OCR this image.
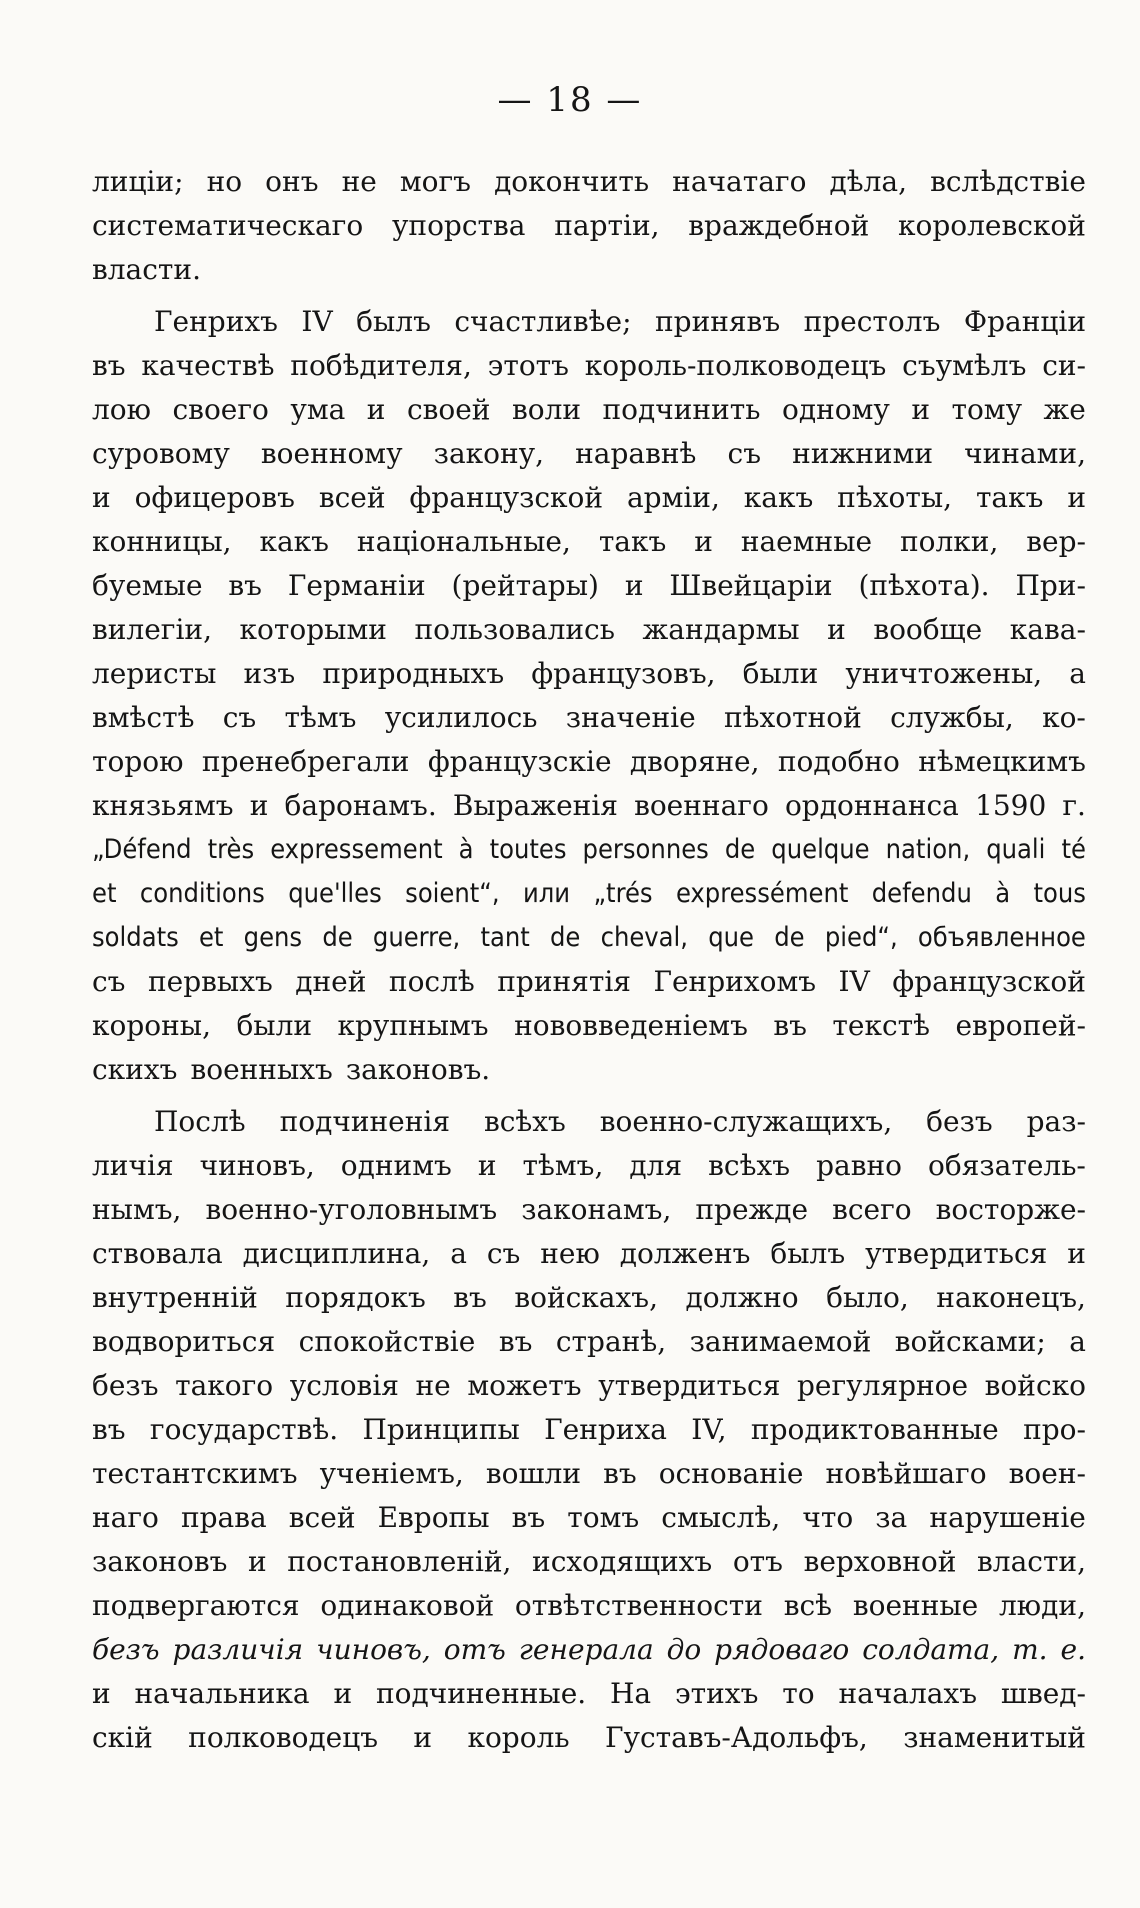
— 18 —
лицiи; но онъ не могъ докончить начатаго дѣла, вслѣдствiе
систематическаго упорства партiи, враждебной королевской
власти.
Генрихъ IV былъ счастливѣе; принявъ престолъ Францiи
въ качествѣ побѣдителя, этотъ король-полководецъ съумѣлъ си-
лою своего ума и своей воли подчинить одному и тому же
суровому военному закону, наравнѣ съ нижними чинами,
и офицеровъ всей французской армiи, какъ пѣхоты, такъ и
конницы, какъ нацiональные, такъ и наемные полки, вер-
буемые въ Германiи (рейтары) и Швейцарiи (пѣхота). При-
вилегiи, которыми пользовались жандармы и вообще кава-
леристы изъ природныхъ французовъ, были уничтожены, а
вмѣстѣ съ тѣмъ усилилось значенiе пѣхотной службы, ко-
торою пренебрегали французскiе дворяне, подобно нѣмецкимъ
князьямъ и баронамъ. Выраженiя военнаго ордоннанса 1590 г.
„Défend très expressement à toutes personnes de quelque nation, quali té
et conditions que'lles soient“, или „trés expressément defendu à tous
soldats et gens de guerre, tant de cheval, que de pied“, объявленное
съ первыхъ дней послѣ принятiя Генрихомъ IV французской
короны, были крупнымъ нововведенiемъ въ текстѣ европей-
скихъ военныхъ законовъ.
Послѣ подчиненiя всѣхъ военно-служащихъ, безъ раз-
личiя чиновъ, однимъ и тѣмъ, для всѣхъ равно обязатель-
нымъ, военно-уголовнымъ законамъ, прежде всего восторже-
ствовала дисциплина, а съ нею долженъ былъ утвердиться и
внутреннiй порядокъ въ войскахъ, должно было, наконецъ,
водвориться спокойствiе въ странѣ, занимаемой войсками; а
безъ такого условiя не можетъ утвердиться регулярное войско
въ государствѣ. Принципы Генриха IV, продиктованные про-
тестантскимъ ученiемъ, вошли въ основанiе новѣйшаго воен-
наго права всей Европы въ томъ смыслѣ, что за нарушенiе
законовъ и постановленiй, исходящихъ отъ верховной власти,
подвергаются одинаковой отвѣтственности всѣ военные люди,
безъ различiя чиновъ, отъ генерала до рядоваго солдата, т. е.
и начальника и подчиненные. На этихъ то началахъ швед-
скiй полководецъ и король Густавъ-Адольфъ, знаменитый
